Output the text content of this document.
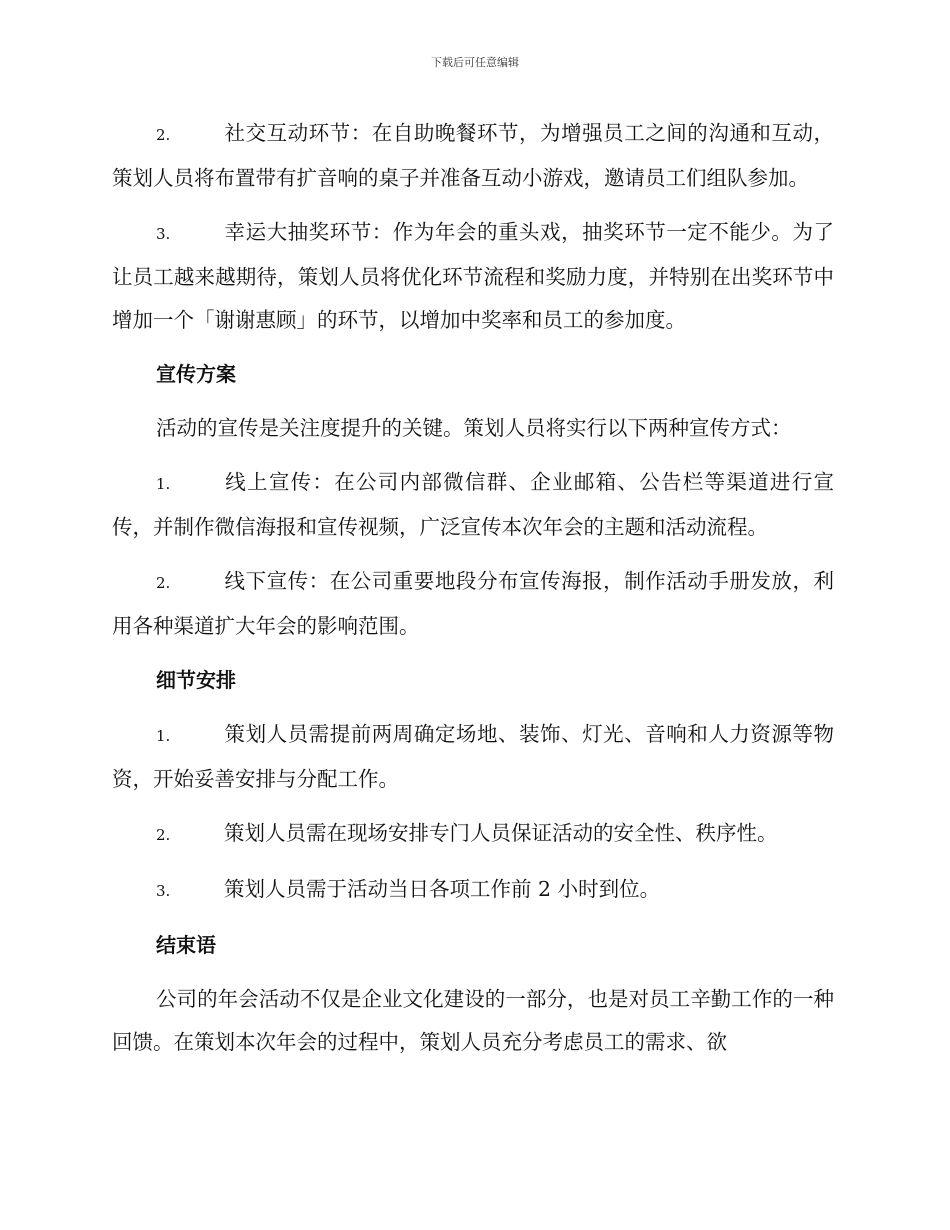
下载后可任意编辑

2.	社交互动环节：在自助晚餐环节，为增强员工之间的沟通和互动，策划人员将布置带有扩音响的桌子并准备互动小游戏，邀请员工们组队参加。

3.	幸运大抽奖环节：作为年会的重头戏，抽奖环节一定不能少。为了让员工越来越期待，策划人员将优化环节流程和奖励力度，并特别在出奖环节中增加一个「谢谢惠顾」的环节，以增加中奖率和员工的参加度。

宣传方案

活动的宣传是关注度提升的关键。策划人员将实行以下两种宣传方式：

1.	线上宣传：在公司内部微信群、企业邮箱、公告栏等渠道进行宣传，并制作微信海报和宣传视频，广泛宣传本次年会的主题和活动流程。

2.	线下宣传：在公司重要地段分布宣传海报，制作活动手册发放，利用各种渠道扩大年会的影响范围。

细节安排

1.	策划人员需提前两周确定场地、装饰、灯光、音响和人力资源等物资，开始妥善安排与分配工作。

2.	策划人员需在现场安排专门人员保证活动的安全性、秩序性。

3.	策划人员需于活动当日各项工作前 2 小时到位。

结束语

公司的年会活动不仅是企业文化建设的一部分，也是对员工辛勤工作的一种回馈。在策划本次年会的过程中，策划人员充分考虑员工的需求、欲
